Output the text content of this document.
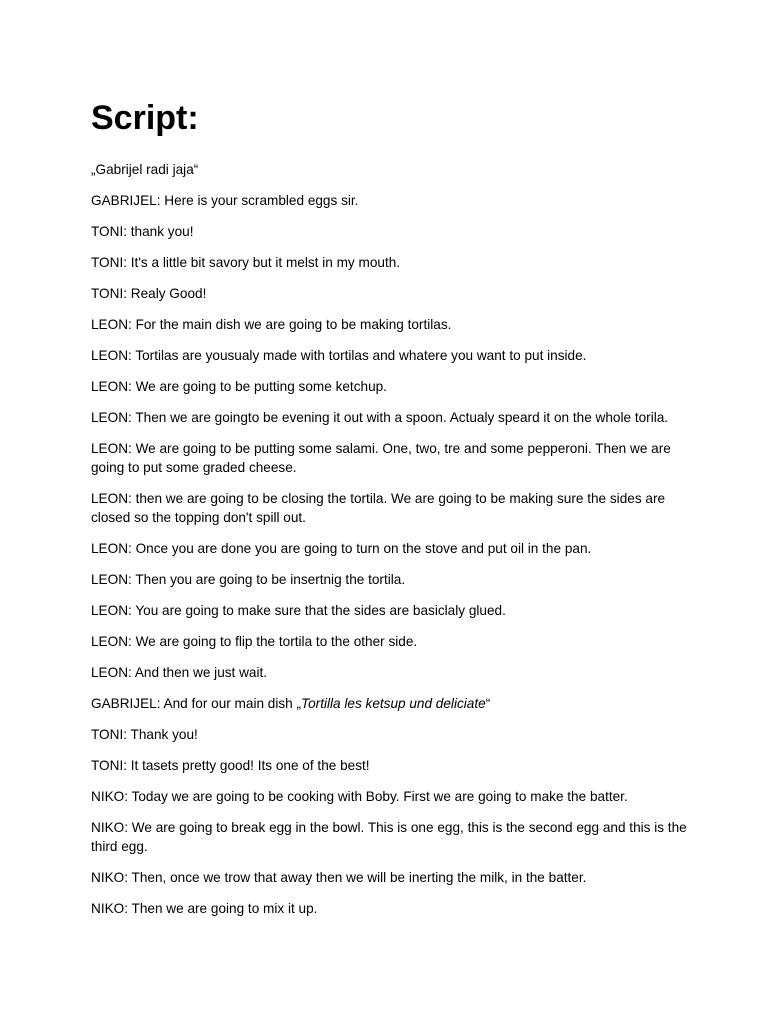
Script:

„Gabrijel radi jaja“

GABRIJEL: Here is your scrambled eggs sir.

TONI: thank you!

TONI: It's a little bit savory but it melst in my mouth.

TONI: Realy Good!

LEON: For the main dish we are going to be making tortilas.

LEON: Tortilas are yousualy made with tortilas and whatere you want to put inside.

LEON: We are going to be putting some ketchup.

LEON: Then we are goingto be evening it out with a spoon. Actualy speard it on the whole torila.

LEON: We are going to be putting some salami. One, two, tre and some pepperoni. Then we are going to put some graded cheese.

LEON: then we are going to be closing the tortila. We are going to be making sure the sides are closed so the topping don't spill out.

LEON: Once you are done you are going to turn on the stove and put oil in the pan.

LEON: Then you are going to be insertnig the tortila.

LEON: You are going to make sure that the sides are basiclaly glued.

LEON: We are going to flip the tortila to the other side.

LEON: And then we just wait.

GABRIJEL: And for our main dish „Tortilla les ketsup und deliciate“

TONI: Thank you!

TONI: It tasets pretty good! Its one of the best!

NIKO: Today we are going to be cooking with Boby. First we are going to make the batter.

NIKO: We are going to break egg in the bowl. This is one egg, this is the second egg and this is the third egg.

NIKO: Then, once we trow that away then we will be inerting the milk, in the batter.

NIKO: Then we are going to mix it up.
